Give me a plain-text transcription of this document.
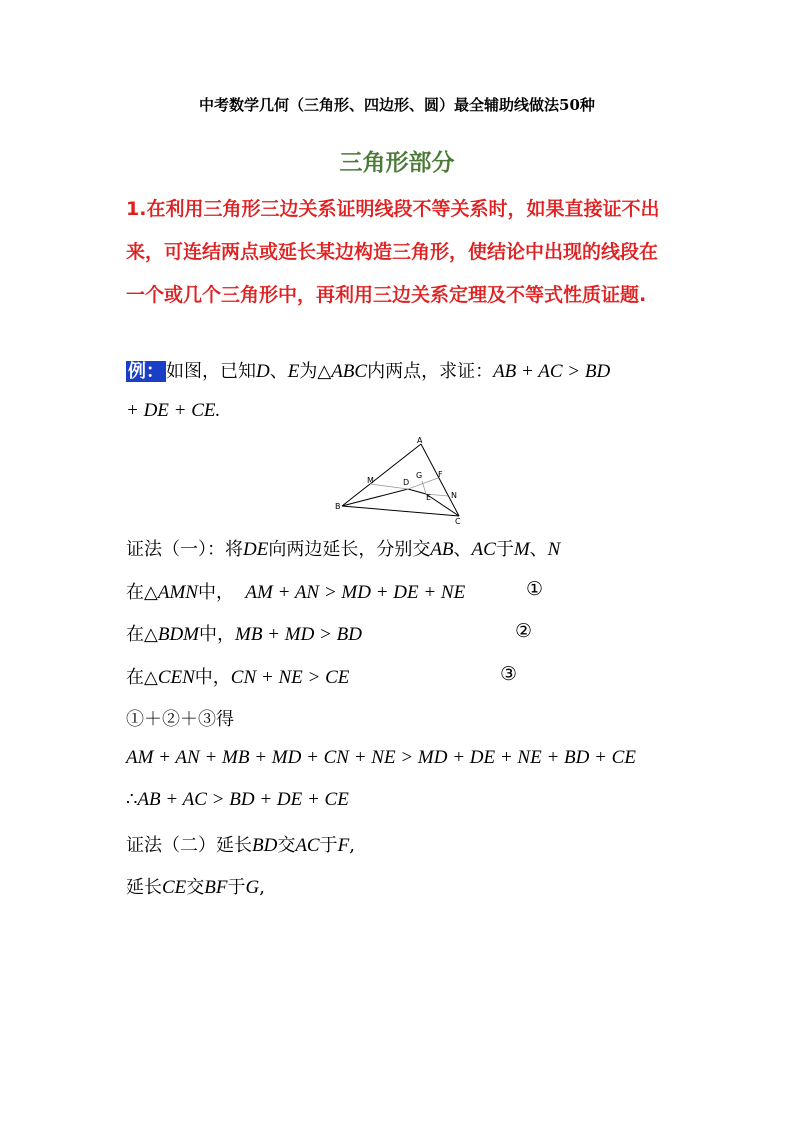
中考数学几何（三角形、四边形、圆）最全辅助线做法50种
三角形部分
1.在利用三角形三边关系证明线段不等关系时，如果直接证不出来，可连结两点或延长某边构造三角形，使结论中出现的线段在一个或几个三角形中，再利用三边关系定理及不等式性质证题.
例： 如图，已知D、E为△ABC内两点，求证：AB + AC > BD
+ DE + CE.
A
B
C
M	D
G F
E N
证法（一）：将DE向两边延长，分别交AB、AC于M、N
在△AMN中， AM + AN > MD + DE + NE	①
在△BDM中，MB + MD > BD	②
在△CEN中，CN + NE > CE	③
①＋②＋③得
AM + AN + MB + MD + CN + NE > MD + DE + NE + BD + CE
∴AB + AC > BD + DE + CE
证法（二）延长BD交AC于F,
延长CE交BF于G,
